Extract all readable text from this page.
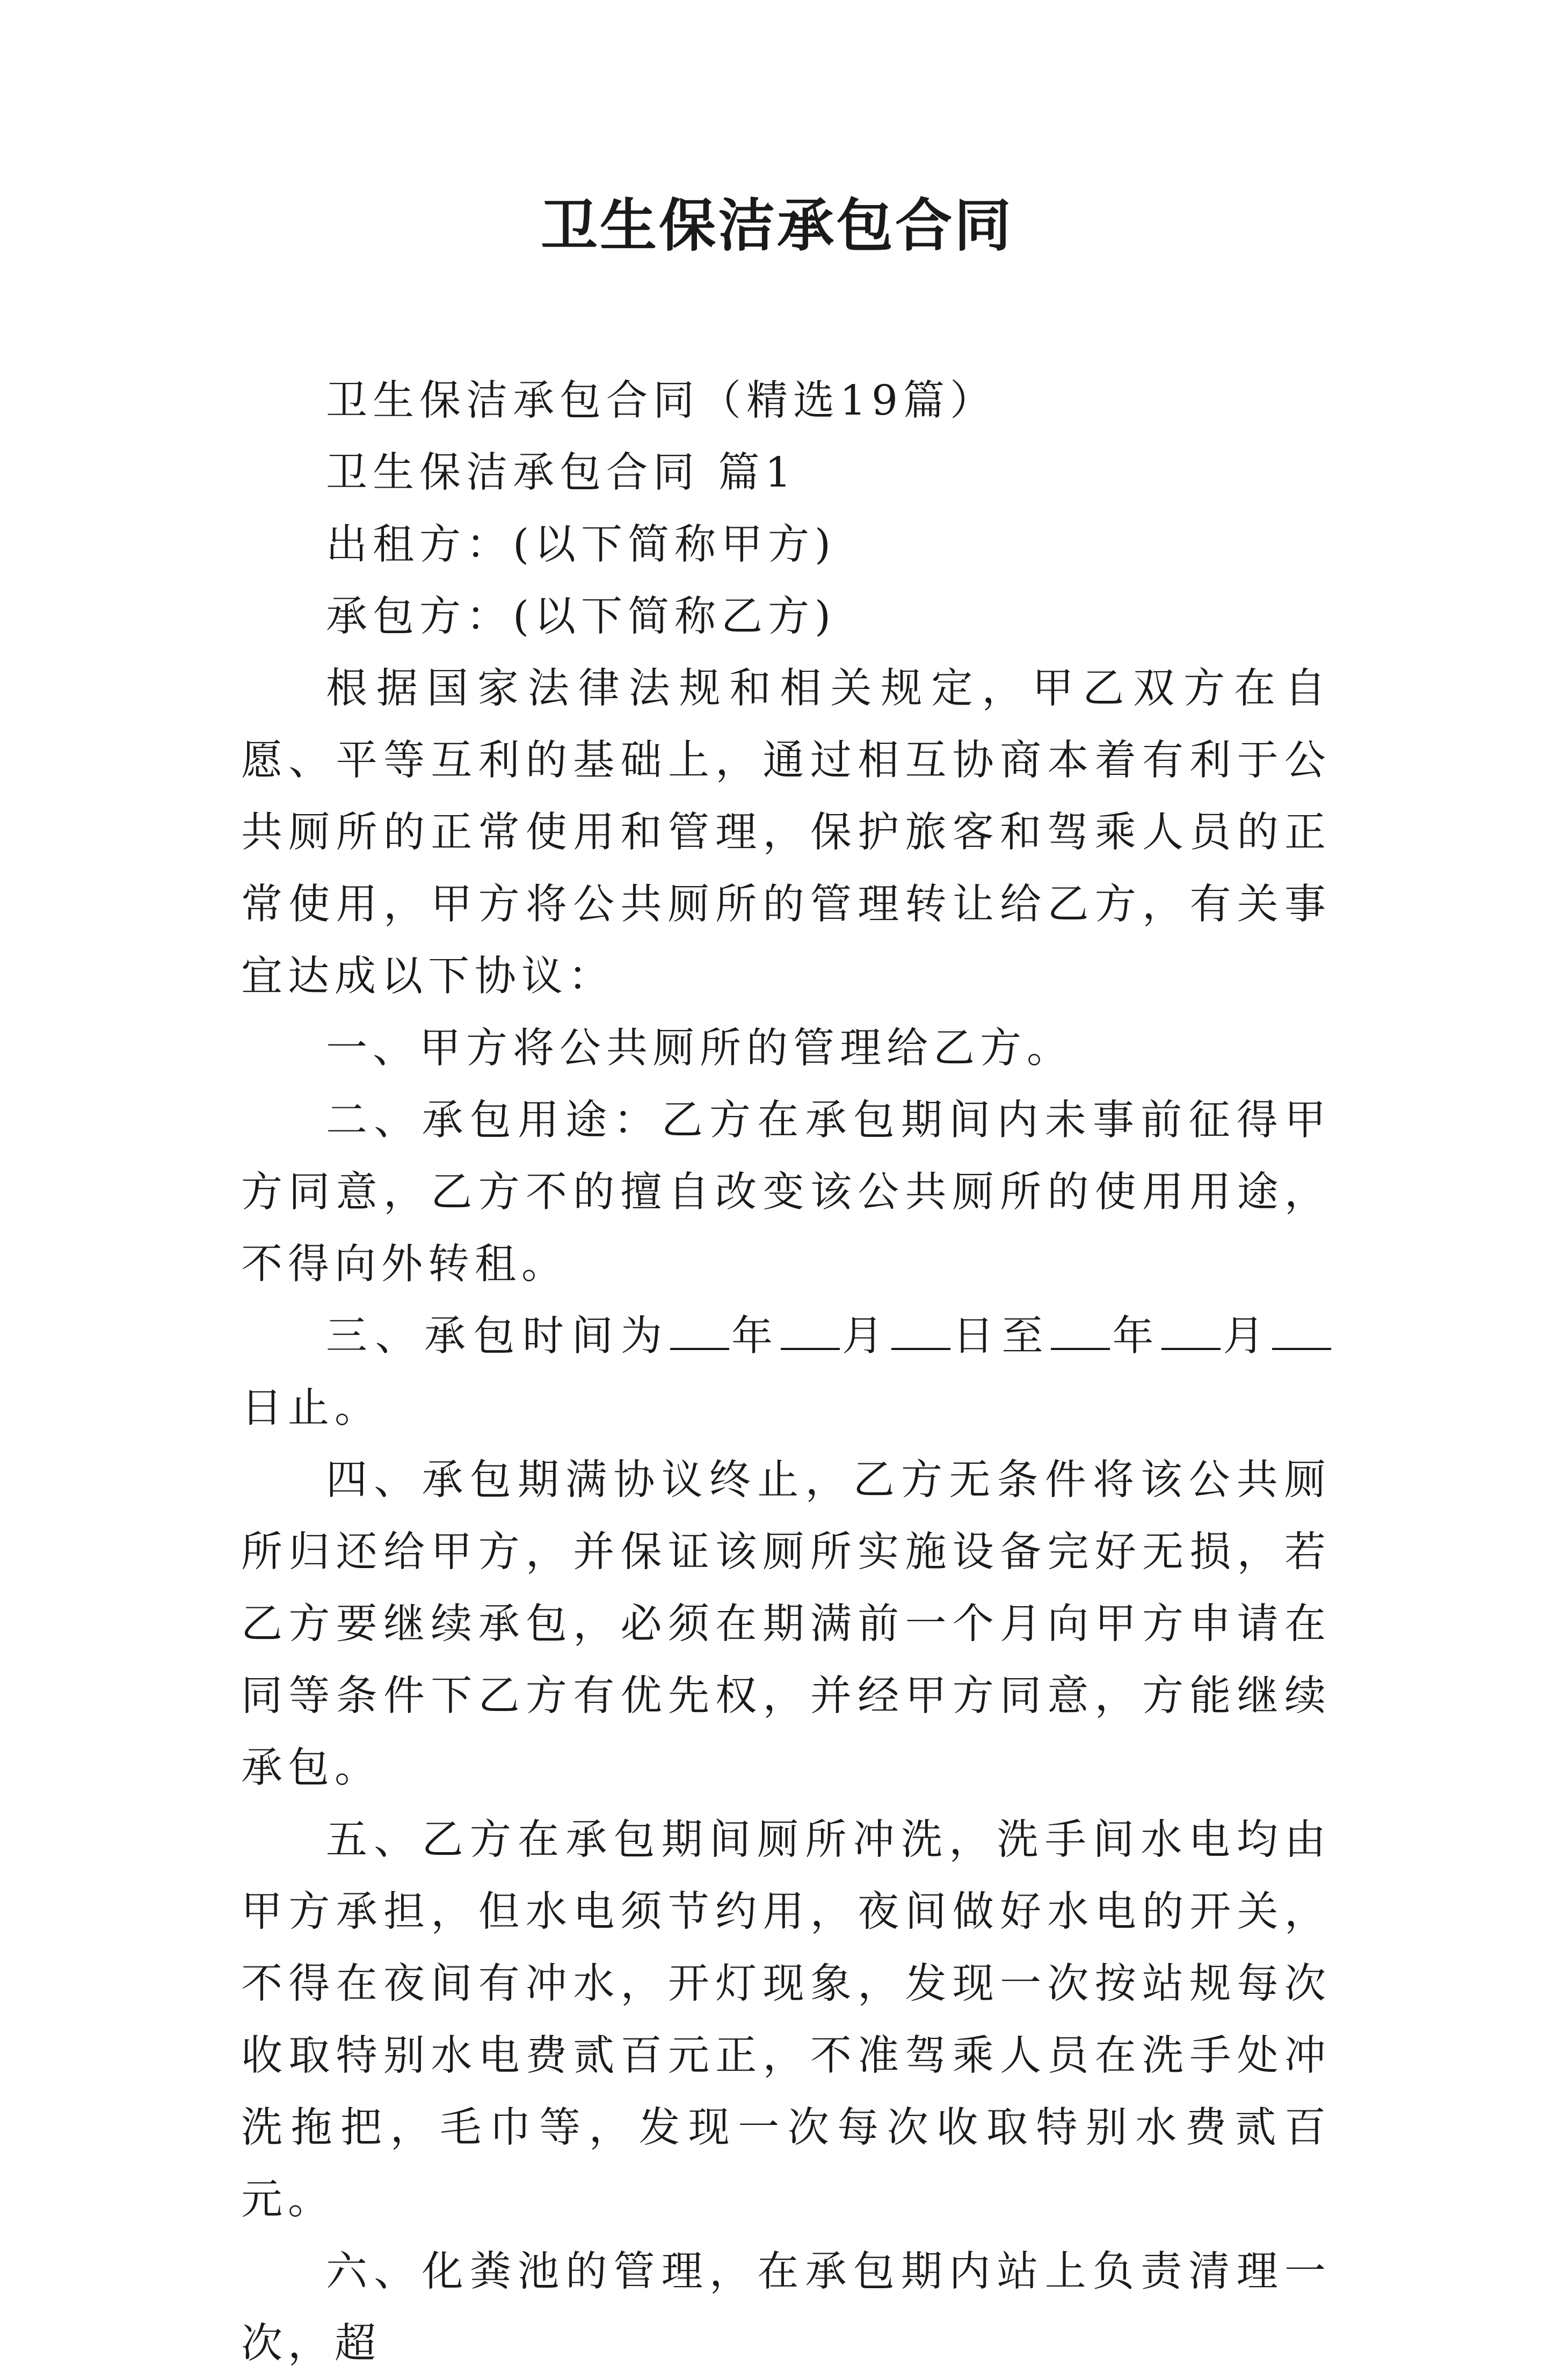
卫生保洁承包合同

卫生保洁承包合同（精选19篇）

卫生保洁承包合同 篇1

出租方：(以下简称甲方)

承包方：(以下简称乙方)

根据国家法律法规和相关规定，甲乙双方在自愿、平等互利的基础上，通过相互协商本着有利于公共厕所的正常使用和管理，保护旅客和驾乘人员的正常使用，甲方将公共厕所的管理转让给乙方，有关事宜达成以下协议：

一、甲方将公共厕所的管理给乙方。

二、承包用途：乙方在承包期间内未事前征得甲方同意，乙方不的擅自改变该公共厕所的使用用途，不得向外转租。

三、承包时间为 年 月 日至 年 月日止。

四、承包期满协议终止，乙方无条件将该公共厕所归还给甲方，并保证该厕所实施设备完好无损，若乙方要继续承包，必须在期满前一个月向甲方申请在同等条件下乙方有优先权，并经甲方同意，方能继续承包。

五、乙方在承包期间厕所冲洗，洗手间水电均由甲方承担，但水电须节约用，夜间做好水电的开关，不得在夜间有冲水，开灯现象，发现一次按站规每次收取特别水电费贰百元正，不准驾乘人员在洗手处冲洗拖把，毛巾等，发现一次每次收取特别水费贰百元。

六、化粪池的管理，在承包期内站上负责清理一次，超
